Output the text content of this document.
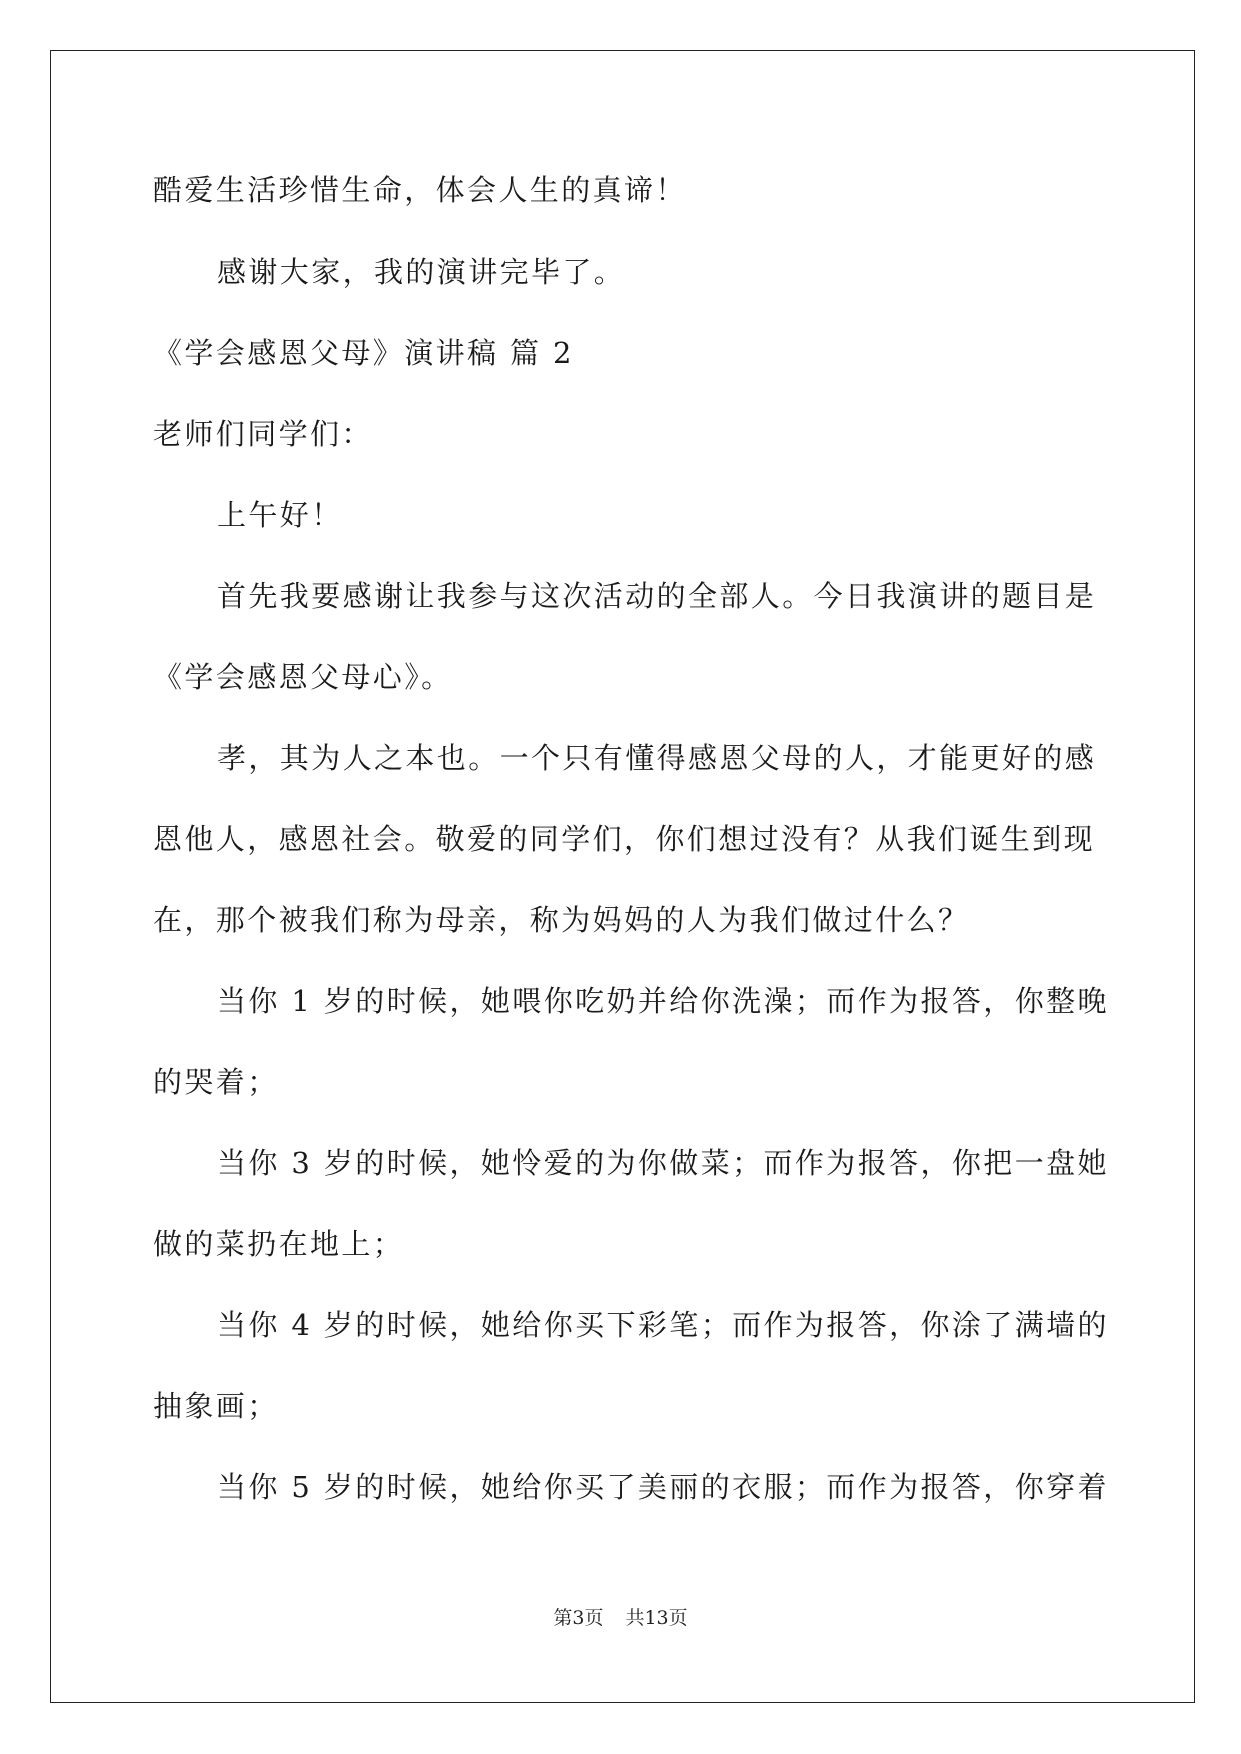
酷爱生活珍惜生命，体会人生的真谛！
感谢大家，我的演讲完毕了。
《学会感恩父母》演讲稿 篇 2
老师们同学们：
上午好！
首先我要感谢让我参与这次活动的全部人。今日我演讲的题目是
《学会感恩父母心》。
孝，其为人之本也。一个只有懂得感恩父母的人，才能更好的感
恩他人，感恩社会。敬爱的同学们，你们想过没有？从我们诞生到现
在，那个被我们称为母亲，称为妈妈的人为我们做过什么？
当你 1 岁的时候，她喂你吃奶并给你洗澡；而作为报答，你整晚
的哭着；
当你 3 岁的时候，她怜爱的为你做菜；而作为报答，你把一盘她
做的菜扔在地上；
当你 4 岁的时候，她给你买下彩笔；而作为报答，你涂了满墙的
抽象画；
当你 5 岁的时候，她给你买了美丽的衣服；而作为报答，你穿着
第3页 共13页
